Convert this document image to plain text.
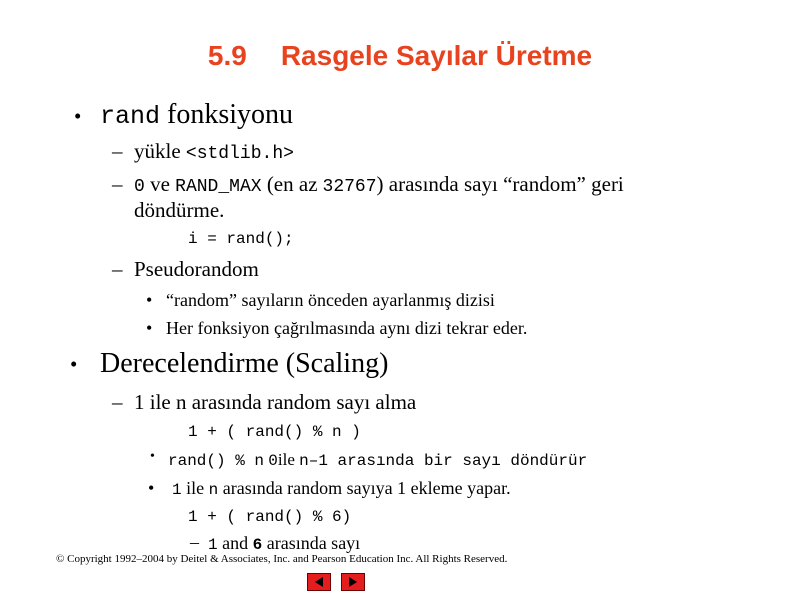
5.9 Rasgele Sayılar Üretme
• rand fonksiyonu
– yükle <stdlib.h>
– 0 ve RAND_MAX (en az 32767) arasında sayı “random” geri
döndürme.
i = rand();
– Pseudorandom
• “random” sayıların önceden ayarlanmış dizisi
• Her fonksiyon çağrılmasında aynı dizi tekrar eder.
• Derecelendirme (Scaling)
– 1 ile n arasında random sayı alma
1 + ( rand() % n )
• rand() % n 0ile n–1 arasında bir sayı döndürür
• 1 ile n arasında random sayıya 1 ekleme yapar.
1 + ( rand() % 6)
– 1 and 6 arasında sayı
© Copyright 1992–2004 by Deitel & Associates, Inc. and Pearson Education Inc. All Rights Reserved.
